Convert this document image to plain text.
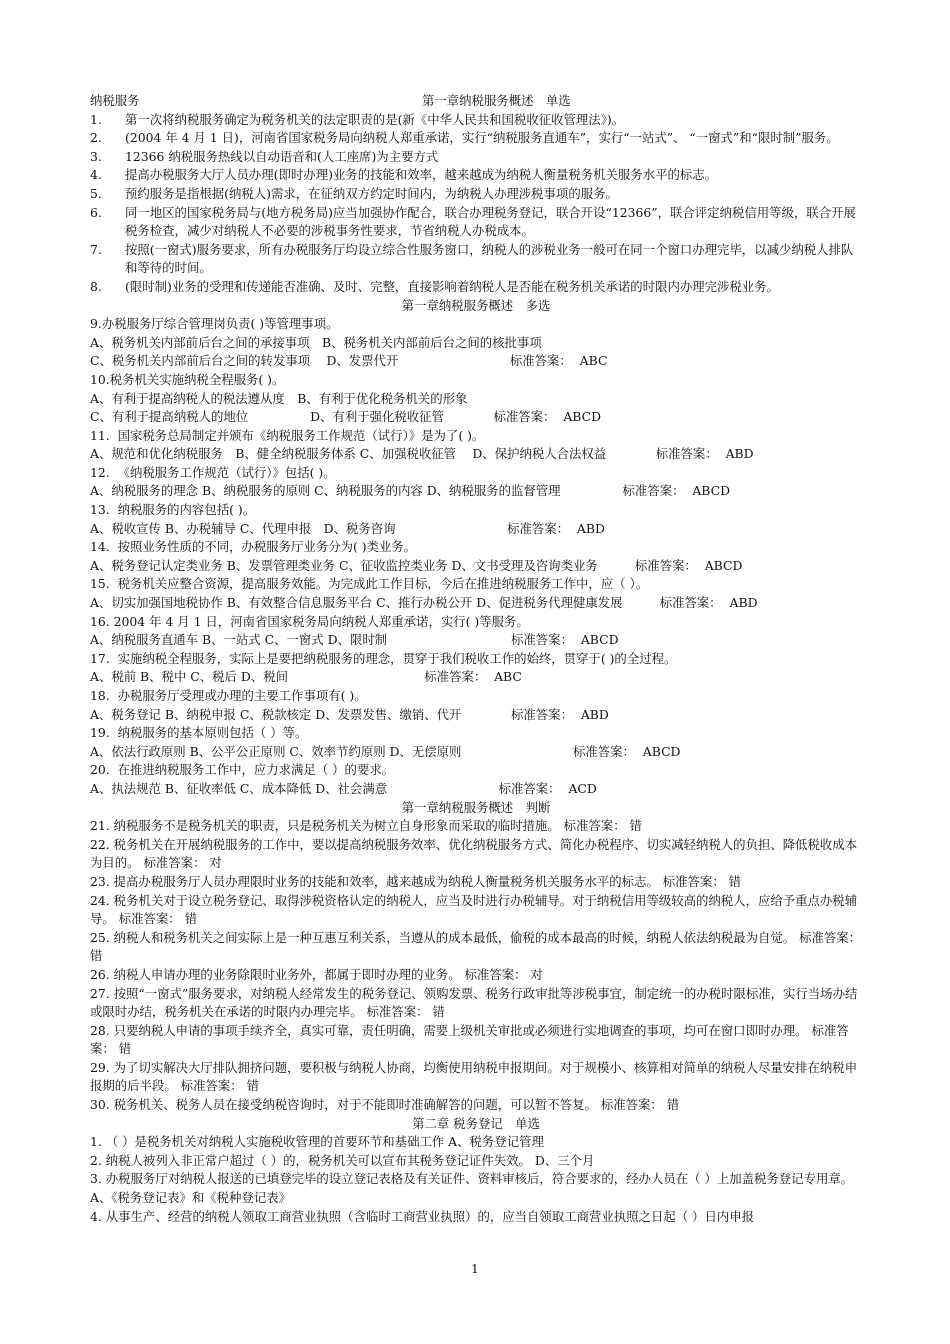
纳税服务	第一章纳税服务概述　单选
1.	第一次将纳税服务确定为税务机关的法定职责的是(新《中华人民共和国税收征收管理法》)。
2.	(2004 年 4 月 1 日)，河南省国家税务局向纳税人郑重承诺，实行“纳税服务直通车”，实行“一站式”、 “一窗式”和“限时制”服务。
3.	12366 纳税服务热线以自动语音和(人工座席)为主要方式
4.	提高办税服务大厅人员办理(即时办理)业务的技能和效率，越来越成为纳税人衡量税务机关服务水平的标志。
5.	预约服务是指根据(纳税人)需求，在征纳双方约定时间内，为纳税人办理涉税事项的服务。
6.	同一地区的国家税务局与(地方税务局)应当加强协作配合，联合办理税务登记，联合开设“12366”，联合评定纳税信用等级，联合开展税务检查，减少对纳税人不必要的涉税事务性要求，节省纳税人办税成本。
7.	按照(一窗式)服务要求，所有办税服务厅均设立综合性服务窗口，纳税人的涉税业务一般可在同一个窗口办理完毕，以减少纳税人排队和等待的时间。
8.	(限时制)业务的受理和传递能否准确、及时、完整，直接影响着纳税人是否能在税务机关承诺的时限内办理完涉税业务。
第一章纳税服务概述　多选
9.办税服务厅综合管理岗负责( )等管理事项。
A、税务机关内部前后台之间的承接事项　B、税务机关内部前后台之间的核批事项
C、税务机关内部前后台之间的转发事项　 D、发票代开　　　　　　　　　标准答案：  ABC
10.税务机关实施纳税全程服务( )。
A、有利于提高纳税人的税法遵从度　B、有利于优化税务机关的形象
C、有利于提高纳税人的地位　　　　　D、有利于强化税收征管　　　　标准答案：  ABCD
11.  国家税务总局制定并颁布《纳税服务工作规范（试行）》是为了( )。
A、规范和优化纳税服务　B、健全纳税服务体系 C、加强税收征管　 D、保护纳税人合法权益　　　　标准答案：  ABD
12.  《纳税服务工作规范（试行）》包括( )。
A、纳税服务的理念 B、纳税服务的原则 C、纳税服务的内容 D、纳税服务的监督管理　　　　　标准答案：  ABCD
13.  纳税服务的内容包括( )。
A、税收宣传 B、办税辅导 C、代理申报　D、税务咨询　　　　　　　　　标准答案：  ABD
14.  按照业务性质的不同，办税服务厅业务分为( )类业务。
A、税务登记认定类业务 B、发票管理类业务 C、征收监控类业务 D、文书受理及咨询类业务　　　标准答案：  ABCD
15.  税务机关应整合资源，提高服务效能。为完成此工作目标，今后在推进纳税服务工作中，应（ ）。
A、切实加强国地税协作 B、有效整合信息服务平台 C、推行办税公开 D、促进税务代理健康发展　　　标准答案：  ABD
16. 2004 年 4 月 1 日，河南省国家税务局向纳税人郑重承诺，实行( )等服务。
A、纳税服务直通车 B、一站式 C、一窗式 D、限时制　　　　　　　　　　标准答案：  ABCD
17.  实施纳税全程服务，实际上是要把纳税服务的理念，贯穿于我们税收工作的始终，贯穿于( )的全过程。
A、税前 B、税中 C、税后 D、税间　　　　　　　　　　　标准答案：  ABC
18.  办税服务厅受理或办理的主要工作事项有( )。
A、税务登记 B、纳税申报 C、税款核定 D、发票发售、缴销、代开　　　　标准答案：  ABD
19.  纳税服务的基本原则包括（ ）等。
A、依法行政原则 B、公平公正原则 C、效率节约原则 D、无偿原则　　　　　　　　　标准答案：  ABCD
20.  在推进纳税服务工作中，应力求满足（ ）的要求。
A、执法规范 B、征收率低 C、成本降低 D、社会满意　　　　　　　　　标准答案：  ACD
第一章纳税服务概述　判断
21. 纳税服务不是税务机关的职责，只是税务机关为树立自身形象而采取的临时措施。 标准答案： 错
22. 税务机关在开展纳税服务的工作中，要以提高纳税服务效率、优化纳税服务方式、简化办税程序、切实减轻纳税人的负担、降低税收成本为目的。 标准答案： 对
23. 提高办税服务厅人员办理限时业务的技能和效率，越来越成为纳税人衡量税务机关服务水平的标志。 标准答案： 错
24. 税务机关对于设立税务登记、取得涉税资格认定的纳税人，应当及时进行办税辅导。对于纳税信用等级较高的纳税人，应给予重点办税辅导。 标准答案： 错
25. 纳税人和税务机关之间实际上是一种互惠互利关系，当遵从的成本最低，偷税的成本最高的时候，纳税人依法纳税最为自觉。 标准答案： 错
26. 纳税人申请办理的业务除限时业务外，都属于即时办理的业务。 标准答案： 对
27. 按照“一窗式”服务要求，对纳税人经常发生的税务登记、领购发票、税务行政审批等涉税事宜，制定统一的办税时限标准，实行当场办结或限时办结，税务机关在承诺的时限内办理完毕。 标准答案： 错
28. 只要纳税人申请的事项手续齐全，真实可靠，责任明确，需要上级机关审批或必须进行实地调查的事项，均可在窗口即时办理。 标准答案： 错
29. 为了切实解决大厅排队拥挤问题，要积极与纳税人协商，均衡使用纳税申报期间。对于规模小、核算相对简单的纳税人尽量安排在纳税申报期的后半段。 标准答案： 错
30. 税务机关、税务人员在接受纳税咨询时，对于不能即时准确解答的问题，可以暂不答复。 标准答案： 错
第二章 税务登记　单选
1. （ ）是税务机关对纳税人实施税收管理的首要环节和基础工作 A、税务登记管理
2. 纳税人被列入非正常户超过（ ）的，税务机关可以宣布其税务登记证件失效。 D、三个月
3. 办税服务厅对纳税人报送的已填登完毕的设立登记表格及有关证件、资料审核后，符合要求的，经办人员在（ ）上加盖税务登记专用章。 A、《税务登记表》和《税种登记表》
4. 从事生产、经营的纳税人领取工商营业执照（含临时工商营业执照）的，应当自领取工商营业执照之日起（ ）日内申报
1
